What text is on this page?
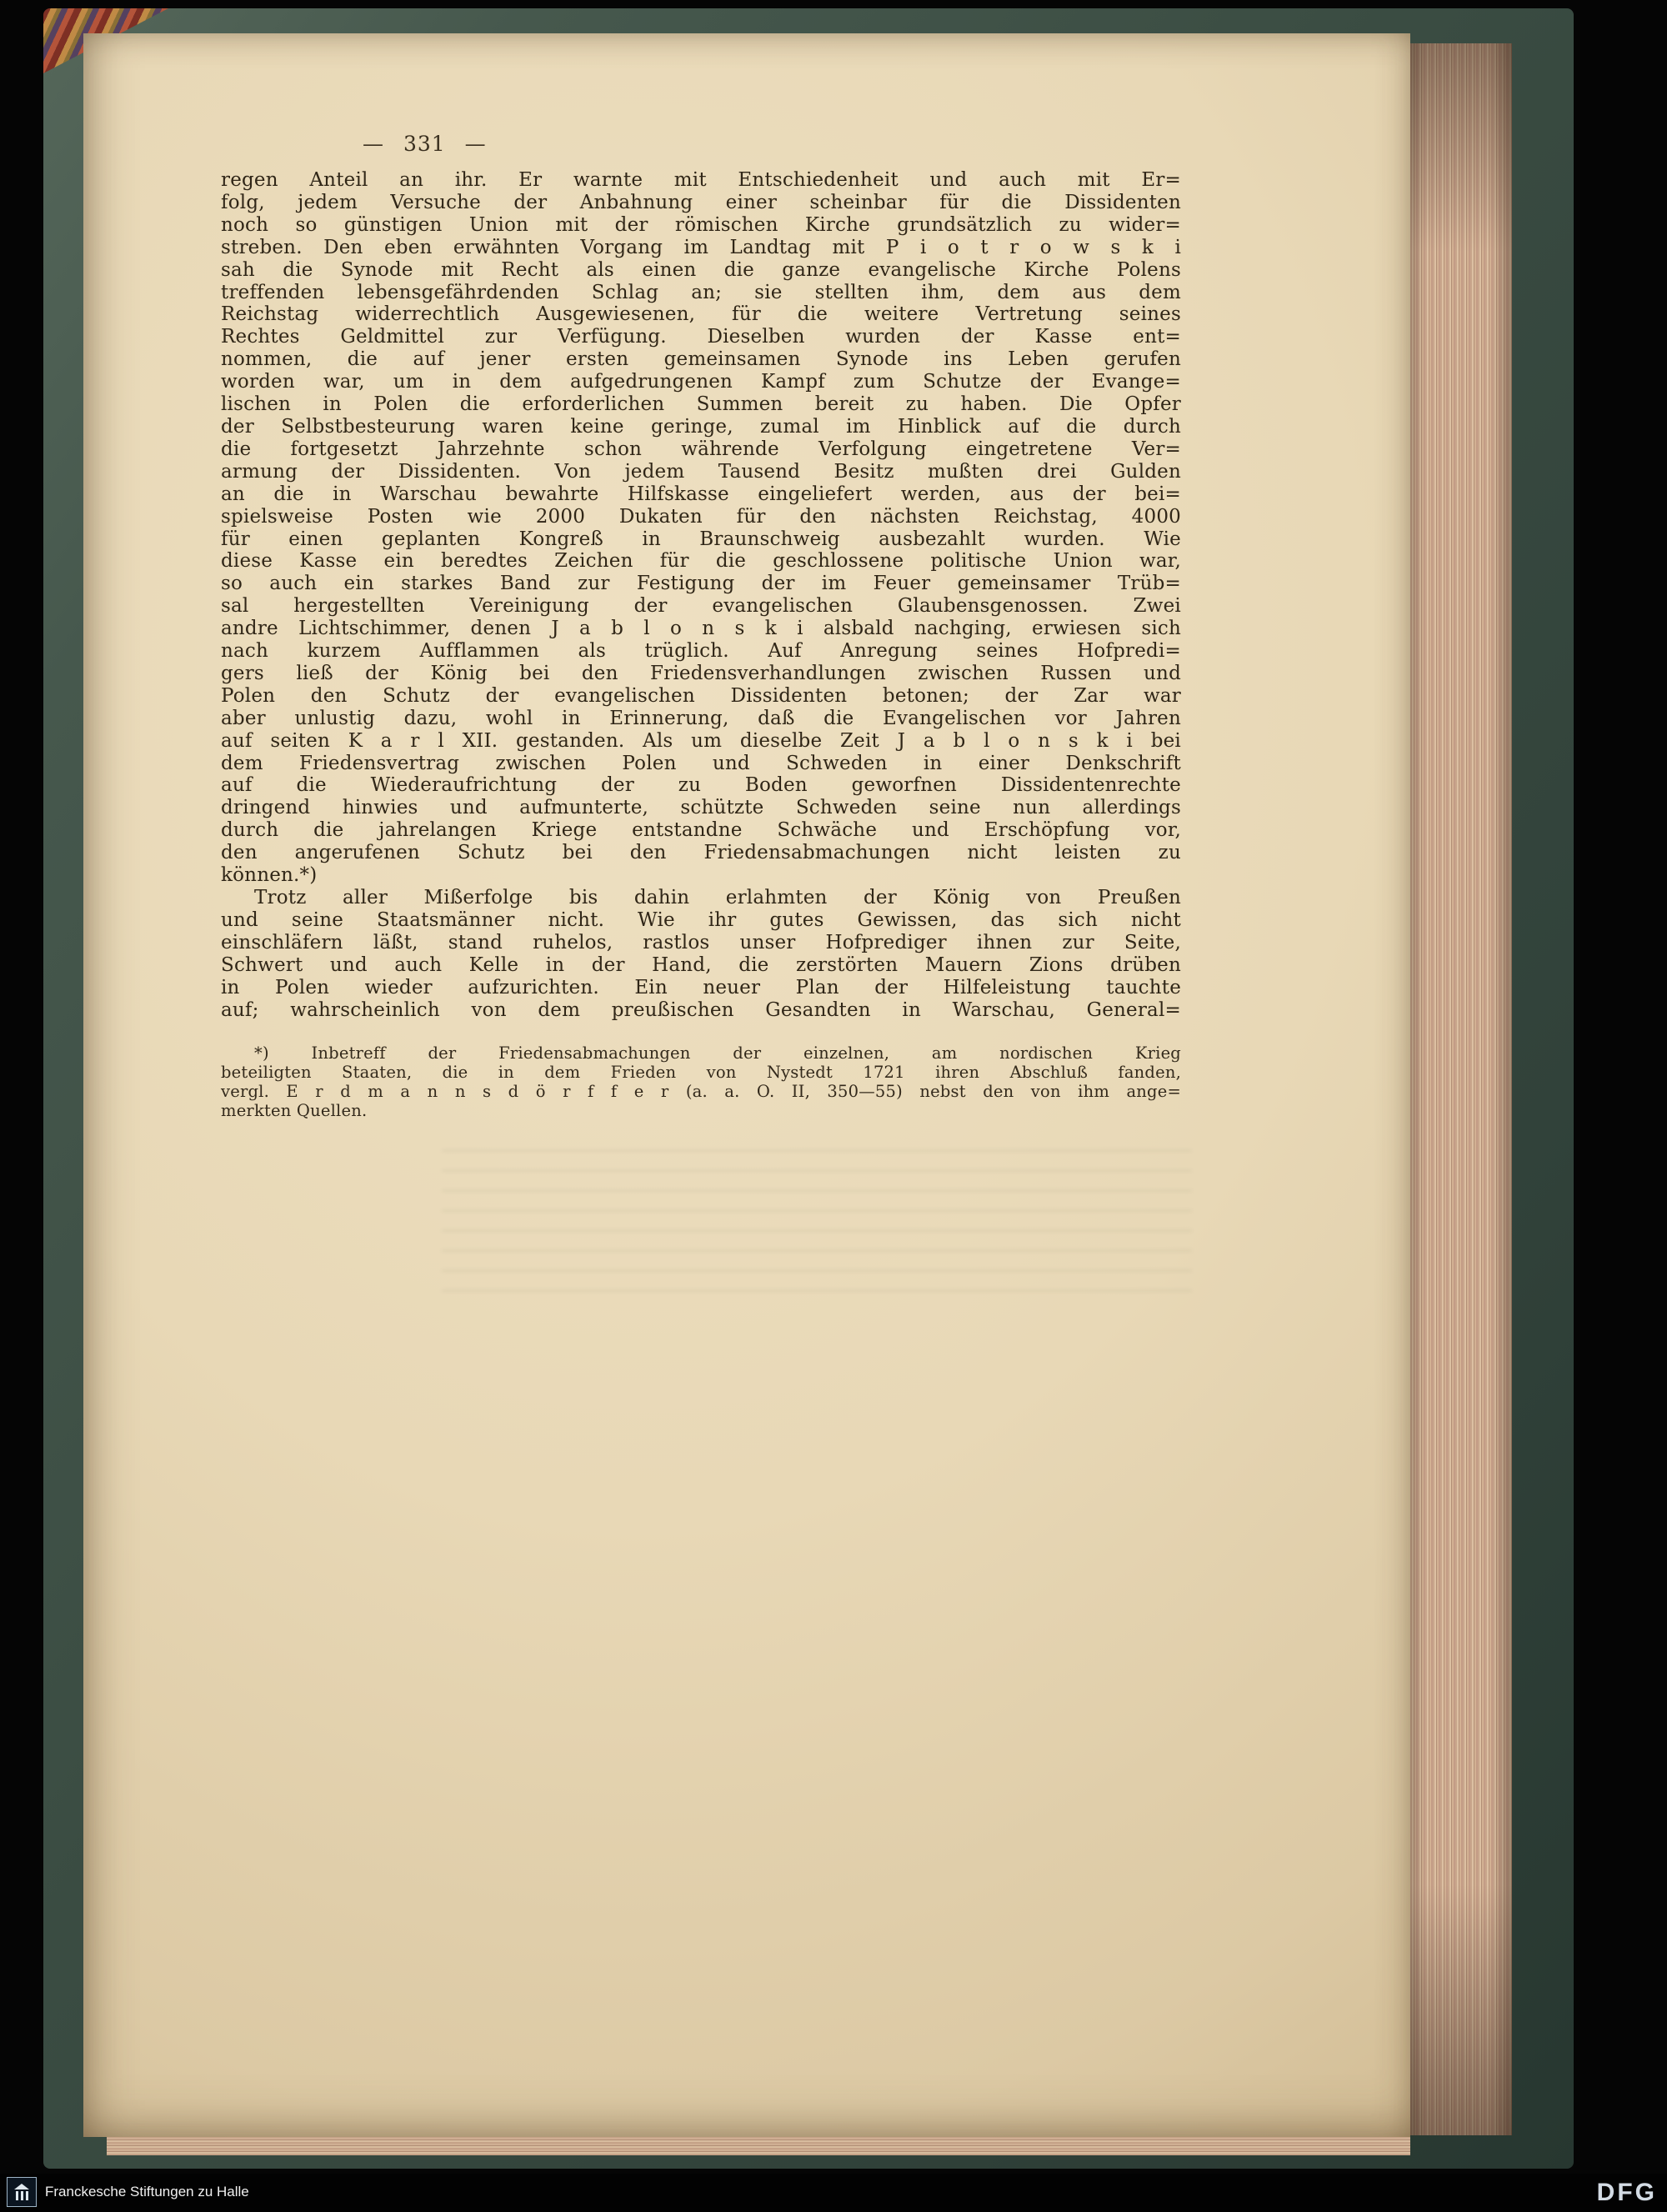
— 331 —
regen Anteil an ihr. Er warnte mit Entschiedenheit und auch mit Er=
folg, jedem Versuche der Anbahnung einer scheinbar für die Dissidenten
noch so günstigen Union mit der römischen Kirche grundsätzlich zu wider=
streben. Den eben erwähnten Vorgang im Landtag mit P i o t r o w s k i
sah die Synode mit Recht als einen die ganze evangelische Kirche Polens
treffenden lebensgefährdenden Schlag an; sie stellten ihm, dem aus dem
Reichstag widerrechtlich Ausgewiesenen, für die weitere Vertretung seines
Rechtes Geldmittel zur Verfügung. Dieselben wurden der Kasse ent=
nommen, die auf jener ersten gemeinsamen Synode ins Leben gerufen
worden war, um in dem aufgedrungenen Kampf zum Schutze der Evange=
lischen in Polen die erforderlichen Summen bereit zu haben. Die Opfer
der Selbstbesteurung waren keine geringe, zumal im Hinblick auf die durch
die fortgesetzt Jahrzehnte schon währende Verfolgung eingetretene Ver=
armung der Dissidenten. Von jedem Tausend Besitz mußten drei Gulden
an die in Warschau bewahrte Hilfskasse eingeliefert werden, aus der bei=
spielsweise Posten wie 2000 Dukaten für den nächsten Reichstag, 4000
für einen geplanten Kongreß in Braunschweig ausbezahlt wurden. Wie
diese Kasse ein beredtes Zeichen für die geschlossene politische Union war,
so auch ein starkes Band zur Festigung der im Feuer gemeinsamer Trüb=
sal hergestellten Vereinigung der evangelischen Glaubensgenossen. Zwei
andre Lichtschimmer, denen J a b l o n s k i alsbald nachging, erwiesen sich
nach kurzem Aufflammen als trüglich. Auf Anregung seines Hofpredi=
gers ließ der König bei den Friedensverhandlungen zwischen Russen und
Polen den Schutz der evangelischen Dissidenten betonen; der Zar war
aber unlustig dazu, wohl in Erinnerung, daß die Evangelischen vor Jahren
auf seiten K a r l XII. gestanden. Als um dieselbe Zeit J a b l o n s k i bei
dem Friedensvertrag zwischen Polen und Schweden in einer Denkschrift
auf die Wiederaufrichtung der zu Boden geworfnen Dissidentenrechte
dringend hinwies und aufmunterte, schützte Schweden seine nun allerdings
durch die jahrelangen Kriege entstandne Schwäche und Erschöpfung vor,
den angerufenen Schutz bei den Friedensabmachungen nicht leisten zu
können.*)
Trotz aller Mißerfolge bis dahin erlahmten der König von Preußen
und seine Staatsmänner nicht. Wie ihr gutes Gewissen, das sich nicht
einschläfern läßt, stand ruhelos, rastlos unser Hofprediger ihnen zur Seite,
Schwert und auch Kelle in der Hand, die zerstörten Mauern Zions drüben
in Polen wieder aufzurichten. Ein neuer Plan der Hilfeleistung tauchte
auf; wahrscheinlich von dem preußischen Gesandten in Warschau, General=
*) Inbetreff der Friedensabmachungen der einzelnen, am nordischen Krieg
beteiligten Staaten, die in dem Frieden von Nystedt 1721 ihren Abschluß fanden,
vergl. E r d m a n n s d ö r f f e r (a. a. O. II, 350—55) nebst den von ihm ange=
merkten Quellen.
Franckesche Stiftungen zu Halle	DFG
